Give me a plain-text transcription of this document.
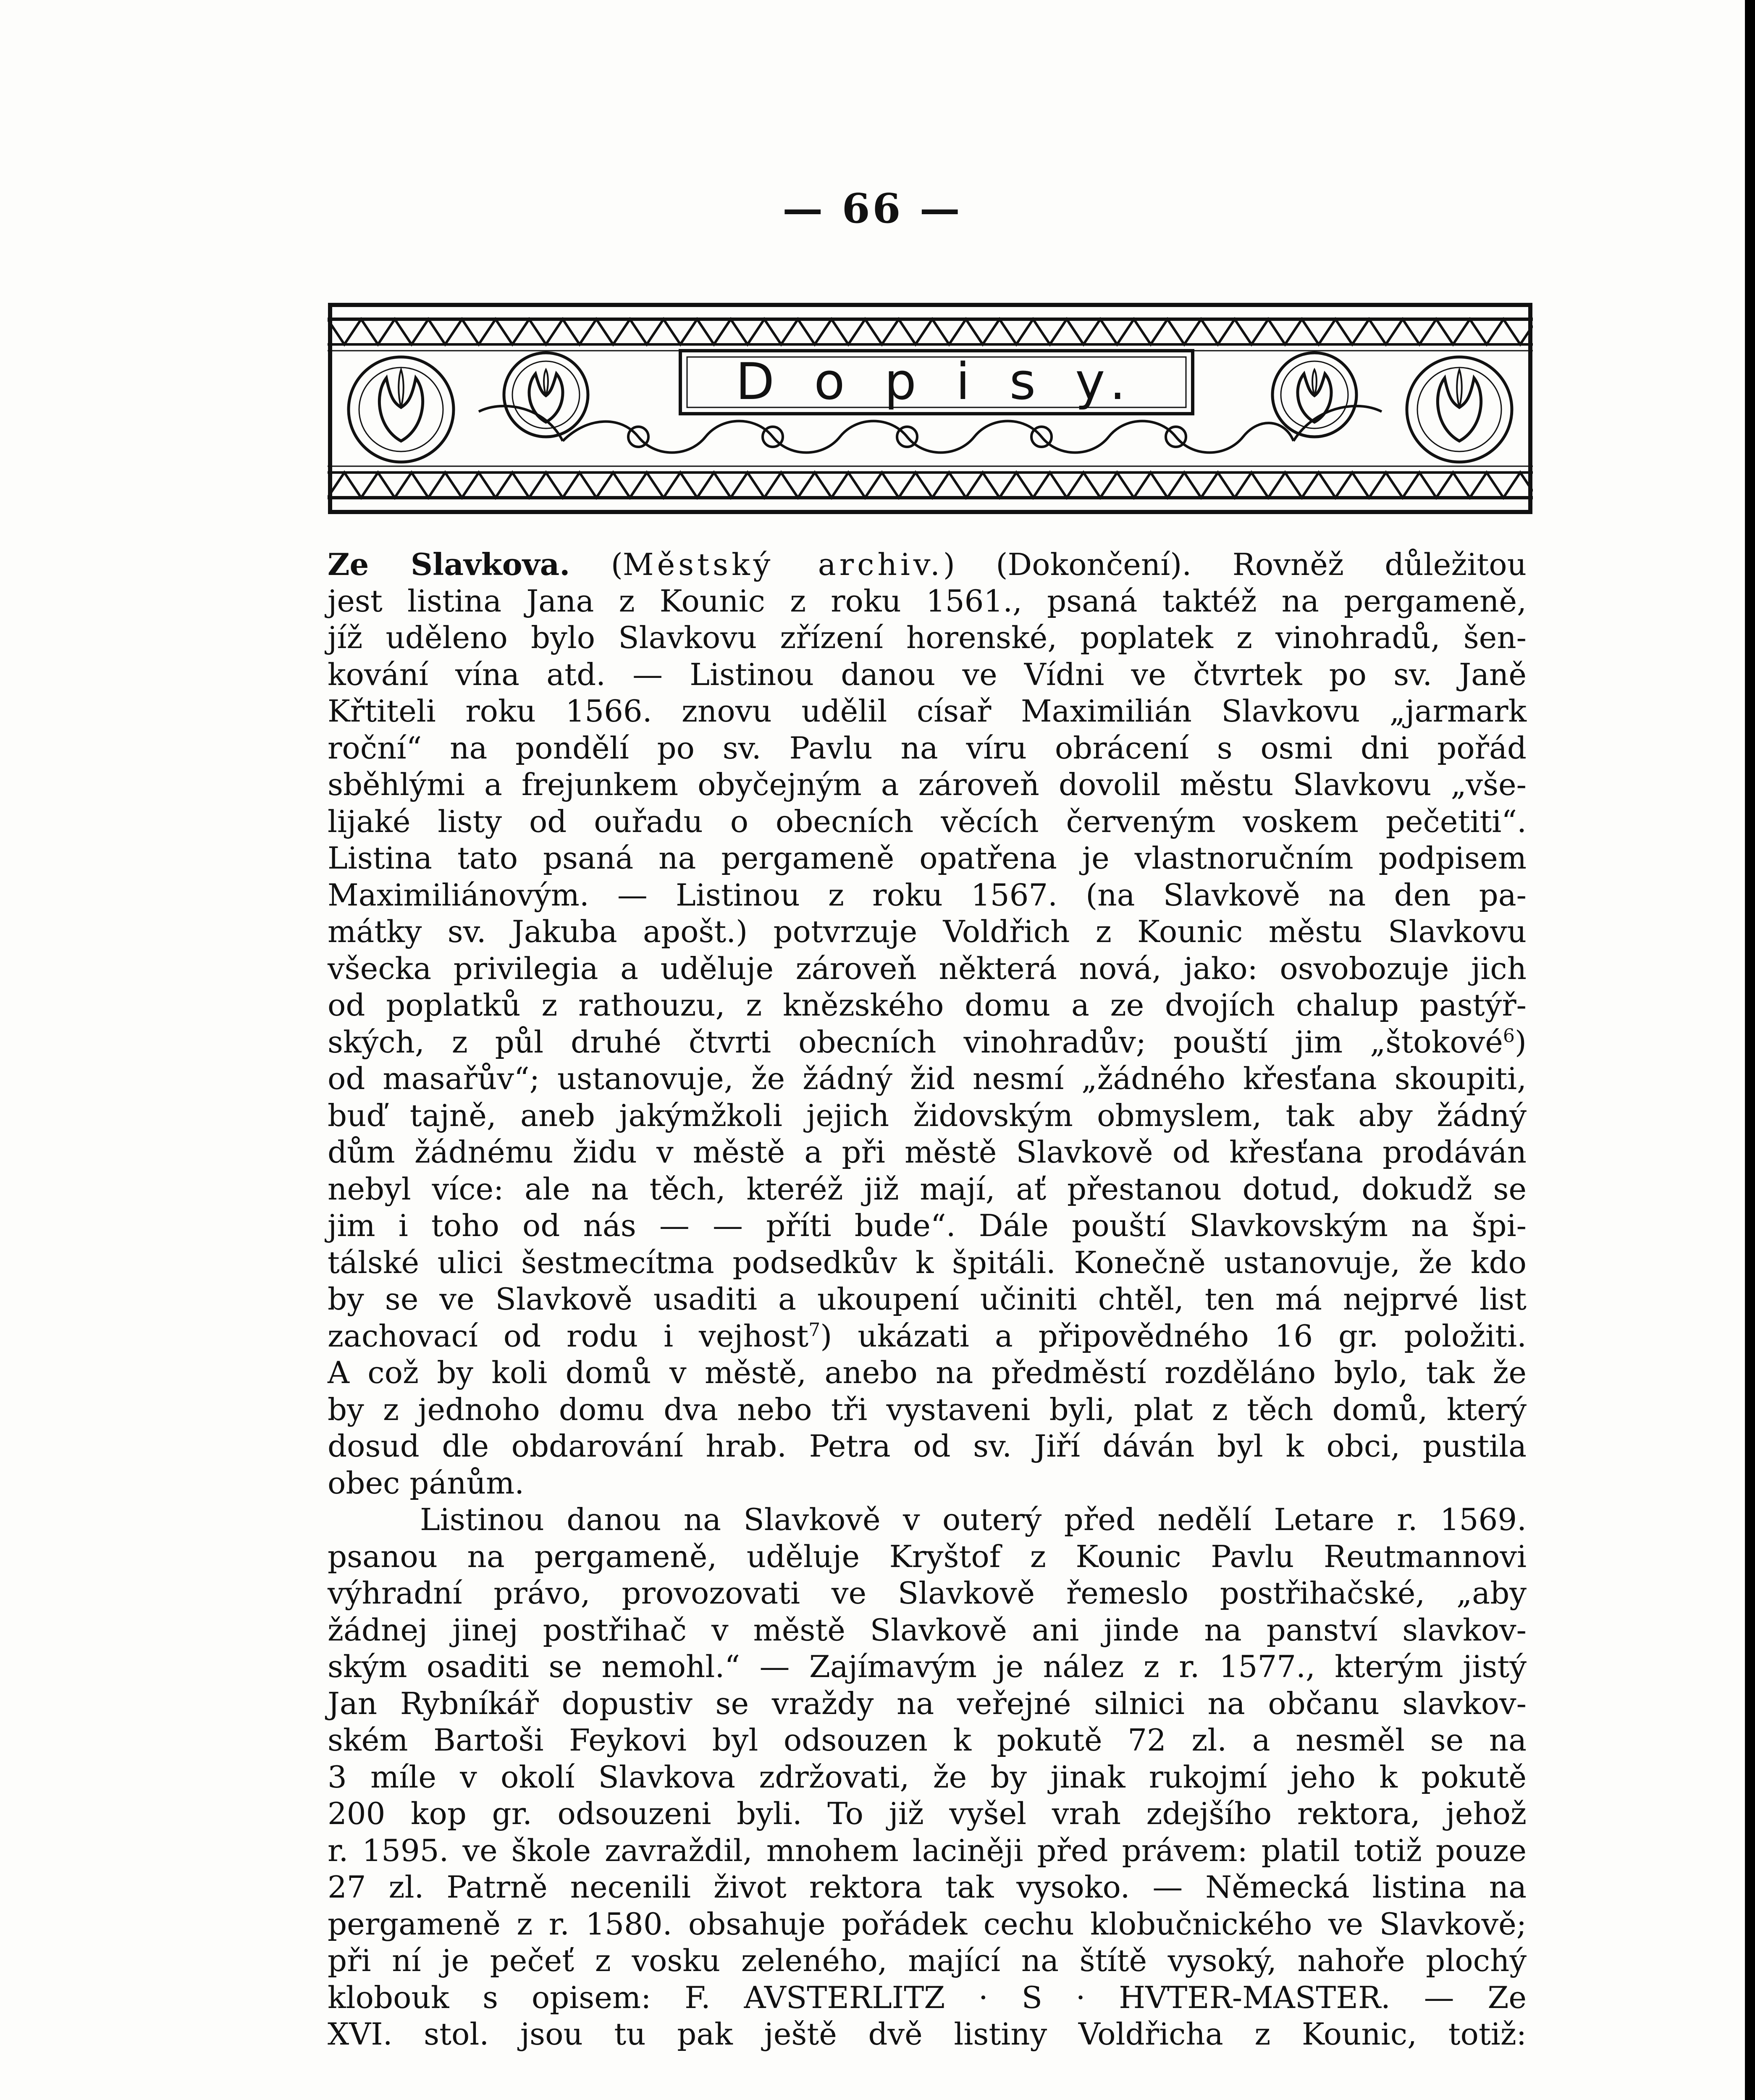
— 66 —
D o p i s y.
Ze Slavkova. (Městský archiv.) (Dokončení). Rovněž důležitou
jest listina Jana z Kounic z roku 1561., psaná taktéž na pergameně,
jíž uděleno bylo Slavkovu zřízení horenské, poplatek z vinohradů, šen-
kování vína atd. — Listinou danou ve Vídni ve čtvrtek po sv. Janě
Křtiteli roku 1566. znovu udělil císař Maximilián Slavkovu „jarmark
roční“ na pondělí po sv. Pavlu na víru obrácení s osmi dni pořád
sběhlými a frejunkem obyčejným a zároveň dovolil městu Slavkovu „vše-
lijaké listy od ouřadu o obecních věcích červeným voskem pečetiti“.
Listina tato psaná na pergameně opatřena je vlastnoručním podpisem
Maximiliánovým. — Listinou z roku 1567. (na Slavkově na den pa-
mátky sv. Jakuba apošt.) potvrzuje Voldřich z Kounic městu Slavkovu
všecka privilegia a uděluje zároveň některá nová, jako: osvobozuje jich
od poplatků z rathouzu, z knězského domu a ze dvojích chalup pastýř-
ských, z půl druhé čtvrti obecních vinohradův; pouští jim „štokové$^6$)
od masařův“; ustanovuje, že žádný žid nesmí „žádného křesťana skoupiti,
buď tajně, aneb jakýmžkoli jejich židovským obmyslem, tak aby žádný
dům žádnému židu v městě a při městě Slavkově od křesťana prodáván
nebyl více: ale na těch, kteréž již mají, ať přestanou dotud, dokudž se
jim i toho od nás — — příti bude“. Dále pouští Slavkovským na špi-
tálské ulici šestmecítma podsedkův k špitáli. Konečně ustanovuje, že kdo
by se ve Slavkově usaditi a ukoupení učiniti chtěl, ten má nejprvé list
zachovací od rodu i vejhost$^7$) ukázati a připovědného 16 gr. položiti.
A což by koli domů v městě, anebo na předměstí rozděláno bylo, tak že
by z jednoho domu dva nebo tři vystaveni byli, plat z těch domů, který
dosud dle obdarování hrab. Petra od sv. Jiří dáván byl k obci, pustila
obec pánům.
Listinou danou na Slavkově v outerý před nedělí Letare r. 1569.
psanou na pergameně, uděluje Kryštof z Kounic Pavlu Reutmannovi
výhradní právo, provozovati ve Slavkově řemeslo postřihačské, „aby
žádnej jinej postřihač v městě Slavkově ani jinde na panství slavkov-
ským osaditi se nemohl.“ — Zajímavým je nález z r. 1577., kterým jistý
Jan Rybníkář dopustiv se vraždy na veřejné silnici na občanu slavkov-
ském Bartoši Feykovi byl odsouzen k pokutě 72 zl. a nesměl se na
3 míle v okolí Slavkova zdržovati, že by jinak rukojmí jeho k pokutě
200 kop gr. odsouzeni byli. To již vyšel vrah zdejšího rektora, jehož
r. 1595. ve škole zavraždil, mnohem laciněji před právem: platil totiž pouze
27 zl. Patrně necenili život rektora tak vysoko. — Německá listina na
pergameně z r. 1580. obsahuje pořádek cechu klobučnického ve Slavkově;
při ní je pečeť z vosku zeleného, mající na štítě vysoký, nahoře plochý
klobouk s opisem: F. AVSTERLITZ · S · HVTER-MASTER. — Ze
XVI. stol. jsou tu pak ještě dvě listiny Voldřicha z Kounic, totiž:
